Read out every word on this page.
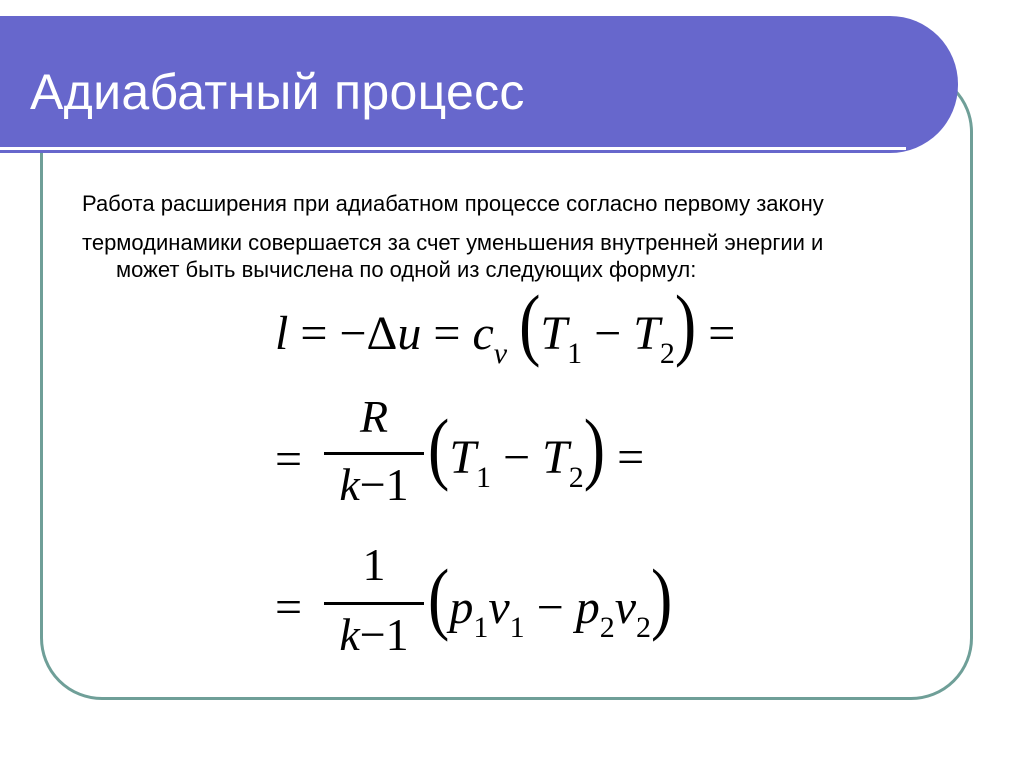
Адиабатный процесс
Работа расширения при адиабатном процессе согласно первому закону
термодинамики совершается за счет уменьшения внутренней энергии и
может быть вычислена по одной из следующих формул:
$l = -\Delta u = c_v$ $(T_1 - T_2)$ =
=
R
k−1 $(T_1 - T_2)$ =
=
1
k−1 $(p_1v_1 - p_2v_2)$
